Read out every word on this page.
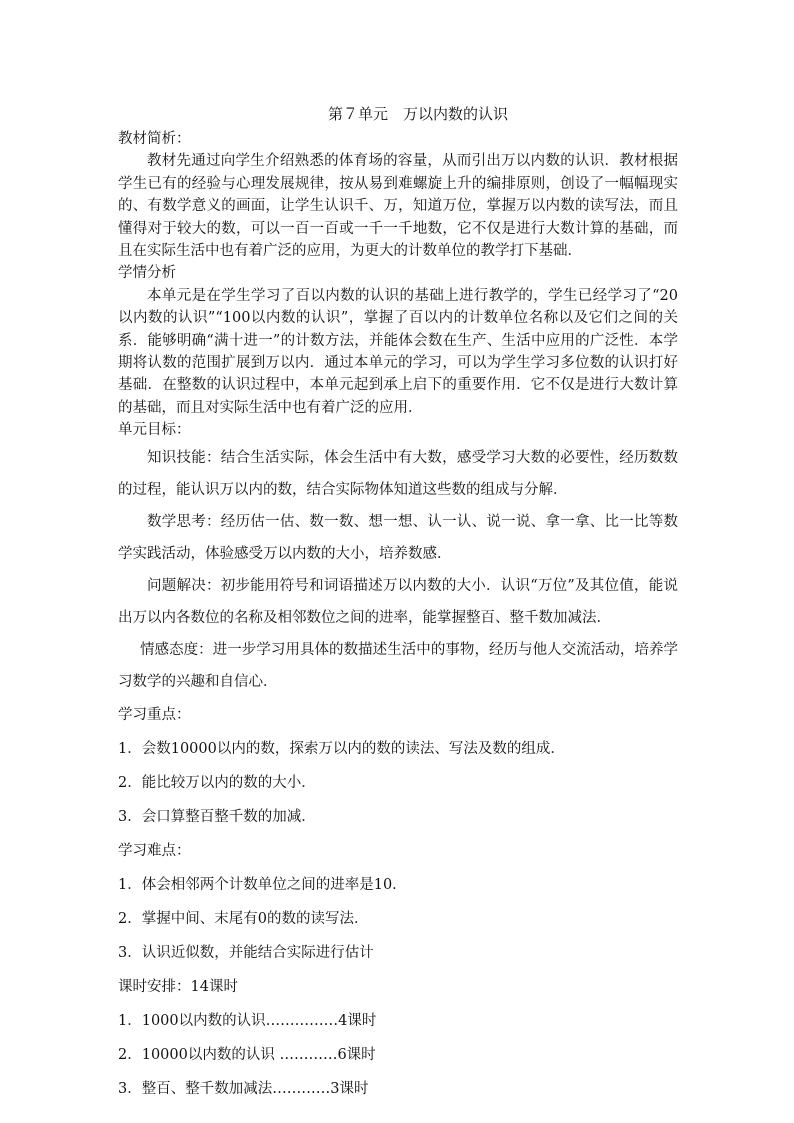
第７单元　万以内数的认识
教材简析：
教材先通过向学生介绍熟悉的体育场的容量，从而引出万以内数的认识．教材根据学生已有的经验与心理发展规律，按从易到难螺旋上升的编排原则，创设了一幅幅现实的、有数学意义的画面，让学生认识千、万，知道万位，掌握万以内数的读写法，而且懂得对于较大的数，可以一百一百或一千一千地数，它不仅是进行大数计算的基础，而且在实际生活中也有着广泛的应用，为更大的计数单位的教学打下基础．
学情分析
本单元是在学生学习了百以内数的认识的基础上进行教学的，学生已经学习了“20以内数的认识”“100以内数的认识”，掌握了百以内的计数单位名称以及它们之间的关系．能够明确“满十进一”的计数方法，并能体会数在生产、生活中应用的广泛性．本学期将认数的范围扩展到万以内．通过本单元的学习，可以为学生学习多位数的认识打好基础．在整数的认识过程中，本单元起到承上启下的重要作用．它不仅是进行大数计算的基础，而且对实际生活中也有着广泛的应用．
单元目标：
知识技能：结合生活实际，体会生活中有大数，感受学习大数的必要性，经历数数的过程，能认识万以内的数，结合实际物体知道这些数的组成与分解．
数学思考：经历估一估、数一数、想一想、认一认、说一说、拿一拿、比一比等数学实践活动，体验感受万以内数的大小，培养数感．
问题解决：初步能用符号和词语描述万以内数的大小．认识“万位”及其位值，能说出万以内各数位的名称及相邻数位之间的进率，能掌握整百、整千数加减法．
情感态度：进一步学习用具体的数描述生活中的事物，经历与他人交流活动，培养学习数学的兴趣和自信心．
学习重点：
1．会数10000以内的数，探索万以内的数的读法、写法及数的组成．
2．能比较万以内的数的大小．
3．会口算整百整千数的加减．
学习难点：
1．体会相邻两个计数单位之间的进率是10．
2．掌握中间、末尾有0的数的读写法．
3．认识近似数，并能结合实际进行估计
课时安排：14课时
1．1000以内数的认识……………4课时
2．10000以内数的认识 …………6课时
3．整百、整千数加减法…………3课时
